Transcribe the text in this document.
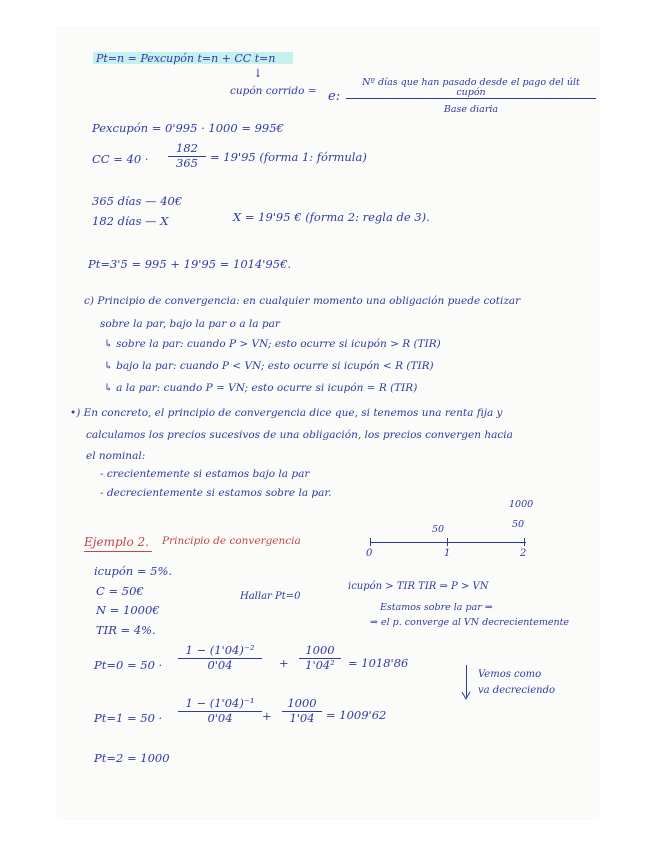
Pt=n = Pexcupón t=n + CC t=n
↓
cupón corrido = e:
Nº días que han pasado desde el pago del últ cupón
Base diaria
Pexcupón = 0'995 · 1000 = 995€
CC = $40 \cdot \frac{182}{365} = 19'95$ (forma 1: fórmula)
365 días — 40€
182 días — X	X = 19'95 € (forma 2: regla de 3).
Pt=3'5 = 995 + 19'95 = 1014'95€.
c) Principio de convergencia: en cualquier momento una obligación puede cotizar
sobre la par, bajo la par o a la par
↳ sobre la par: cuando P > VN; esto ocurre si icupón > R (TIR)
↳ bajo la par: cuando P < VN; esto ocurre si icupón < R (TIR)
↳ a la par: cuando P = VN; esto ocurre si icupón = R (TIR)
•) En concreto, el principio de convergencia dice que, si tenemos una renta fija y
calculamos los precios sucesivos de una obligación, los precios convergen hacia
el nominal:
- crecientemente si estamos bajo la par
- decrecientemente si estamos sobre la par.
Ejemplo 2. Principio de convergencia
0	1	2
1000
50	50
icupón = 5%.
C = 50€
N = 1000€
TIR = 4%.
Hallar Pt=0
icupón > TIR TIR ⇒ P > VN
Estamos sobre la par ⇒
⇒ el p. converge al VN decrecientemente
$Pt=0 = 50 \cdot \frac{\text{1 − (1'04)⁻²}}{0'04} + \frac{1000}{\text{1'04²}} = 1018'86$
Vemos como
va decreciendo
$Pt=1 = 50 \cdot \frac{\text{1 − (1'04)⁻¹}}{0'04} + \frac{1000}{1'04} = 1009'62$
Pt=2 = 1000
